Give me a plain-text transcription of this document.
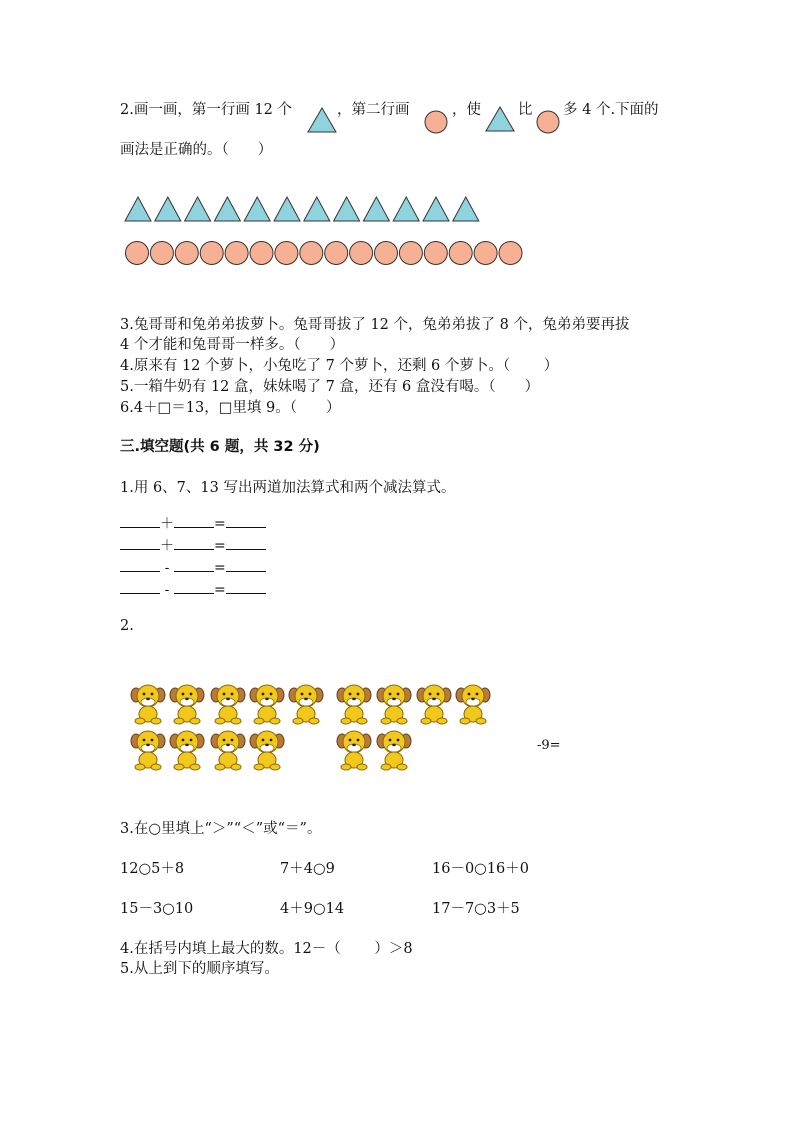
2.画一画，第一行画 12 个	，第二行画	，使	比 多 4 个.下面的
画法是正确的。（　　）
3.兔哥哥和兔弟弟拔萝卜。兔哥哥拔了 12 个，兔弟弟拔了 8 个，兔弟弟要再拔
4 个才能和兔哥哥一样多。（　　）
4.原来有 12 个萝卜，小兔吃了 7 个萝卜，还剩 6 个萝卜。（　　 ）
5.一箱牛奶有 12 盒，妹妹喝了 7 盒，还有 6 盒没有喝。（　　）
6.4＋□＝13，□里填 9。（　　）
三.填空题(共 6 题，共 32 分)
1.用 6、7、13 写出两道加法算式和两个减法算式。
＋	=
＋	=
-	=
-	=
2.
-9=
3.在○里填上“＞”“＜”或“＝”。
12○5＋8	7＋4○9	16－0○16＋0
15－3○10	4＋9○14	17－7○3＋5
4.在括号内填上最大的数。12－（　　 ）＞8
5.从上到下的顺序填写。
